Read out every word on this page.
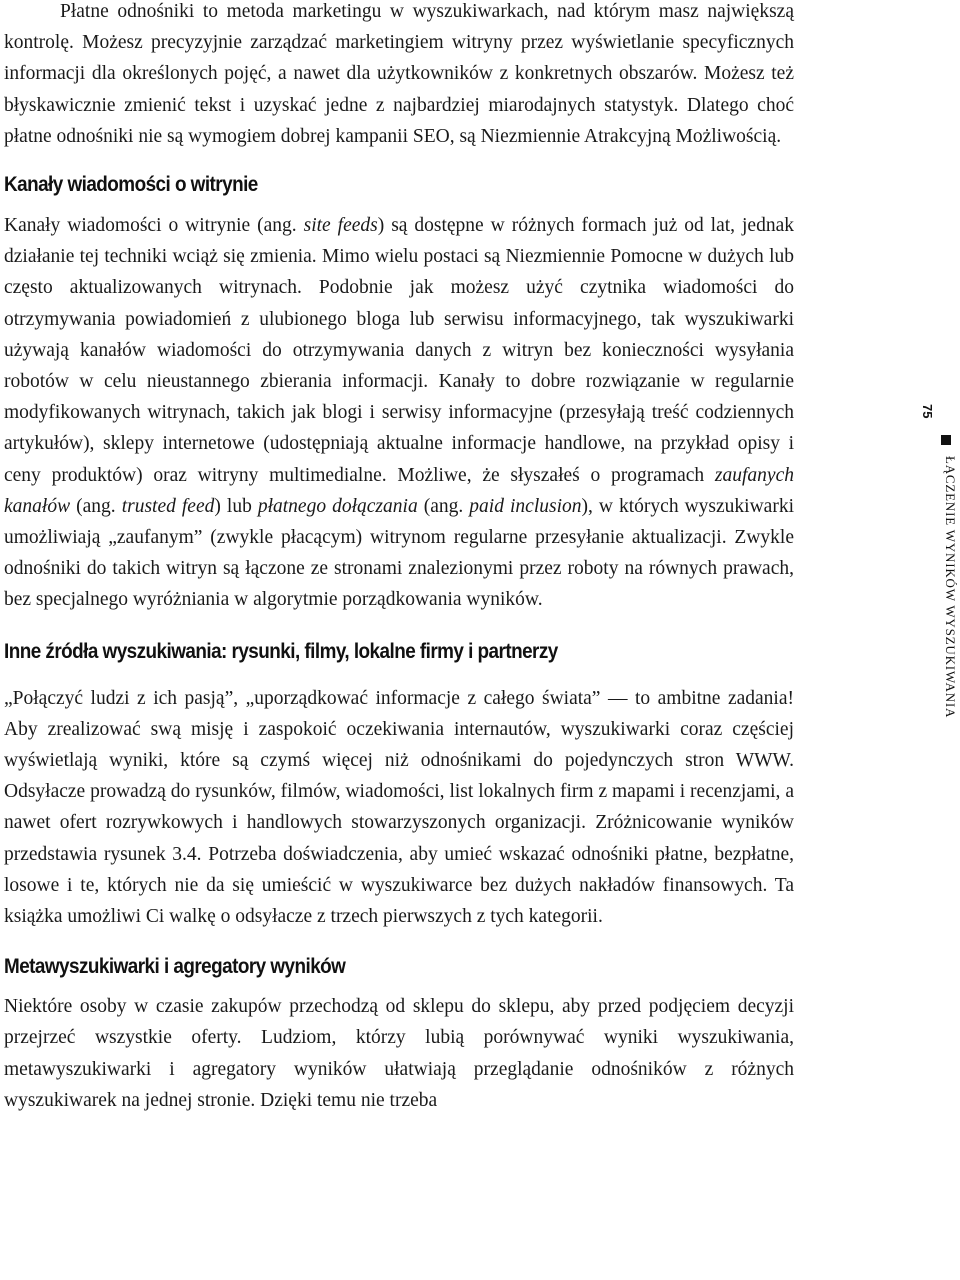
Płatne odnośniki to metoda marketingu w wyszukiwarkach, nad którym masz największą kontrolę. Możesz precyzyjnie zarządzać marketingiem witryny przez wyświetlanie specyficznych informacji dla określonych pojęć, a nawet dla użytkowników z konkretnych obszarów. Możesz też błyskawicznie zmienić tekst i uzyskać jedne z najbardziej miarodajnych statystyk. Dlatego choć płatne odnośniki nie są wymogiem dobrej kampanii SEO, są Niezmiennie Atrakcyjną Możliwością.

Kanały wiadomości o witrynie

Kanały wiadomości o witrynie (ang. site feeds) są dostępne w różnych formach już od lat, jednak działanie tej techniki wciąż się zmienia. Mimo wielu postaci są Niezmiennie Pomocne w dużych lub często aktualizowanych witrynach. Podobnie jak możesz użyć czytnika wiadomości do otrzymywania powiadomień z ulubionego bloga lub serwisu informacyjnego, tak wyszukiwarki używają kanałów wiadomości do otrzymywania danych z witryn bez konieczności wysyłania robotów w celu nieustannego zbierania informacji. Kanały to dobre rozwiązanie w regularnie modyfikowanych witrynach, takich jak blogi i serwisy informacyjne (przesyłają treść codziennych artykułów), sklepy internetowe (udostępniają aktualne informacje handlowe, na przykład opisy i ceny produktów) oraz witryny multimedialne. Możliwe, że słyszałeś o programach zaufanych kanałów (ang. trusted feed) lub płatnego dołączania (ang. paid inclusion), w których wyszukiwarki umożliwiają „zaufanym” (zwykle płacącym) witrynom regularne przesyłanie aktualizacji. Zwykle odnośniki do takich witryn są łączone ze stronami znalezionymi przez roboty na równych prawach, bez specjalnego wyróżniania w algorytmie porządkowania wyników.

Inne źródła wyszukiwania: rysunki, filmy, lokalne firmy i partnerzy

„Połączyć ludzi z ich pasją”, „uporządkować informacje z całego świata” — to ambitne zadania! Aby zrealizować swą misję i zaspokoić oczekiwania internautów, wyszukiwarki coraz częściej wyświetlają wyniki, które są czymś więcej niż odnośnikami do pojedynczych stron WWW. Odsyłacze prowadzą do rysunków, filmów, wiadomości, list lokalnych firm z mapami i recenzjami, a nawet ofert rozrywkowych i handlowych stowarzyszonych organizacji. Zróżnicowanie wyników przedstawia rysunek 3.4. Potrzeba doświadczenia, aby umieć wskazać odnośniki płatne, bezpłatne, losowe i te, których nie da się umieścić w wyszukiwarce bez dużych nakładów finansowych. Ta książka umożliwi Ci walkę o odsyłacze z trzech pierwszych z tych kategorii.

Metawyszukiwarki i agregatory wyników

Niektóre osoby w czasie zakupów przechodzą od sklepu do sklepu, aby przed podjęciem decyzji przejrzeć wszystkie oferty. Ludziom, którzy lubią porównywać wyniki wyszukiwania, metawyszukiwarki i agregatory wyników ułatwiają przeglądanie odnośników z różnych wyszukiwarek na jednej stronie. Dzięki temu nie trzeba

75
ŁĄCZENIE WYNIKÓW WYSZUKIWANIA
